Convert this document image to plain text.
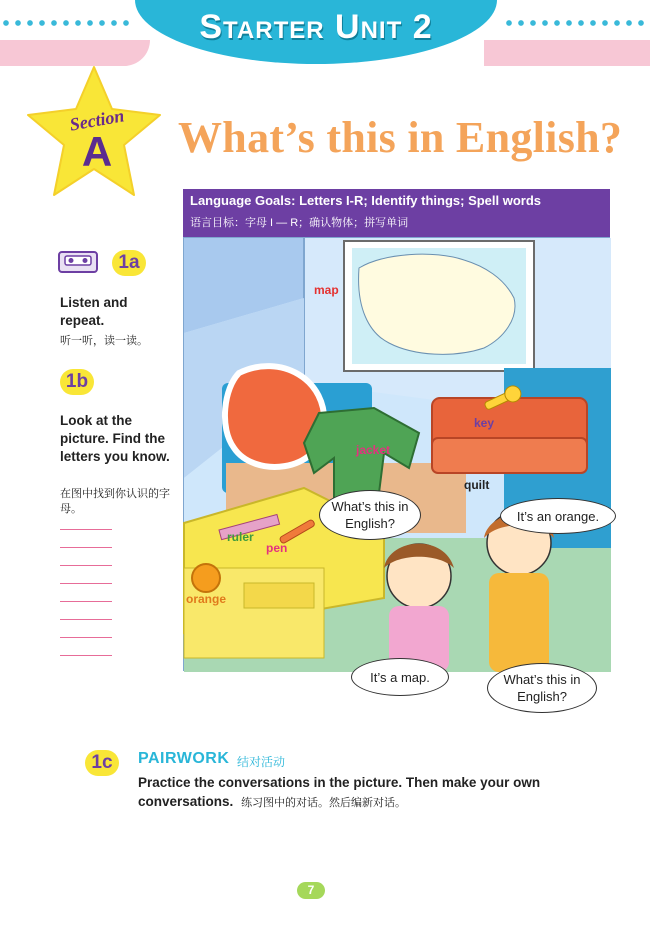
Starter Unit 2
Section
A What’s this in English?
Language Goals: Letters I-R; Identify things; Spell words
语言目标：字母 I — R；确认物体；拼写单词
1a
Listen and repeat.
听一听，读一读。
1b
Look at the picture. Find the letters you know.
在图中找到你认识的字母。
map
key
jacket
quilt
ruler
pen
orange
What’s this in English?	It’s an orange.
It’s a map.	What’s this in English?
1c	PAIRWORK 结对活动
Practice the conversations in the picture. Then make your own conversations. 练习图中的对话。然后编新对话。
7
